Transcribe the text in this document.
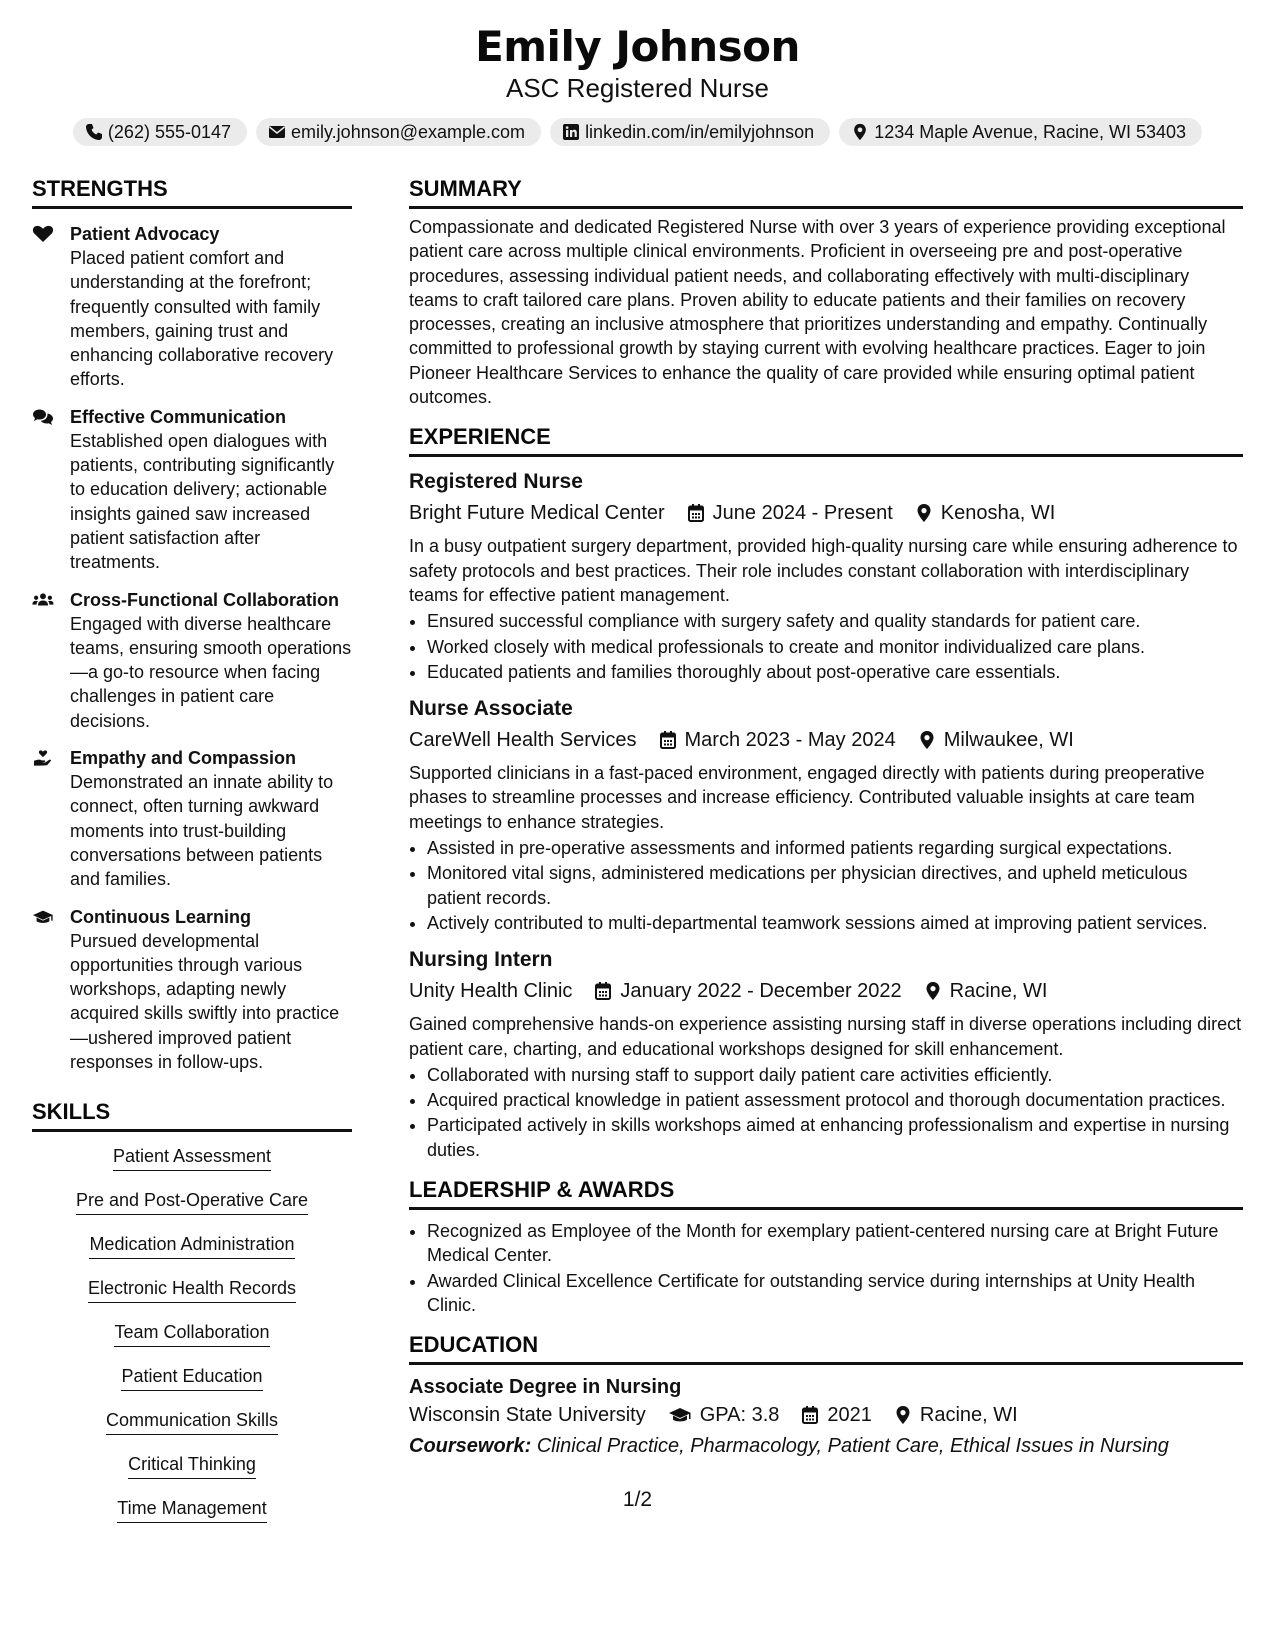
Emily Johnson
ASC Registered Nurse
(262) 555-0147	emily.johnson@example.com	linkedin.com/in/emilyjohnson	1234 Maple Avenue, Racine, WI 53403
STRENGTHS
Patient Advocacy
Placed patient comfort and understanding at the forefront; frequently consulted with family members, gaining trust and enhancing collaborative recovery efforts.
Effective Communication
Established open dialogues with patients, contributing significantly to education delivery; actionable insights gained saw increased patient satisfaction after treatments.
Cross-Functional Collaboration
Engaged with diverse healthcare teams, ensuring smooth operations—a go-to resource when facing challenges in patient care decisions.
Empathy and Compassion
Demonstrated an innate ability to connect, often turning awkward moments into trust-building conversations between patients and families.
Continuous Learning
Pursued developmental opportunities through various workshops, adapting newly acquired skills swiftly into practice—ushered improved patient responses in follow-ups.
SKILLS
Patient Assessment
Pre and Post-Operative Care
Medication Administration
Electronic Health Records
Team Collaboration
Patient Education
Communication Skills
Critical Thinking
Time Management
SUMMARY
Compassionate and dedicated Registered Nurse with over 3 years of experience providing exceptional patient care across multiple clinical environments. Proficient in overseeing pre and post-operative procedures, assessing individual patient needs, and collaborating effectively with multi-disciplinary teams to craft tailored care plans. Proven ability to educate patients and their families on recovery processes, creating an inclusive atmosphere that prioritizes understanding and empathy. Continually committed to professional growth by staying current with evolving healthcare practices. Eager to join Pioneer Healthcare Services to enhance the quality of care provided while ensuring optimal patient outcomes.
EXPERIENCE
Registered Nurse
Bright Future Medical Center June 2024 - Present Kenosha, WI
In a busy outpatient surgery department, provided high-quality nursing care while ensuring adherence to safety protocols and best practices. Their role includes constant collaboration with interdisciplinary teams for effective patient management.
• Ensured successful compliance with surgery safety and quality standards for patient care.
• Worked closely with medical professionals to create and monitor individualized care plans.
• Educated patients and families thoroughly about post-operative care essentials.
Nurse Associate
CareWell Health Services March 2023 - May 2024 Milwaukee, WI
Supported clinicians in a fast-paced environment, engaged directly with patients during preoperative phases to streamline processes and increase efficiency. Contributed valuable insights at care team meetings to enhance strategies.
• Assisted in pre-operative assessments and informed patients regarding surgical expectations.
• Monitored vital signs, administered medications per physician directives, and upheld meticulous patient records.
• Actively contributed to multi-departmental teamwork sessions aimed at improving patient services.
Nursing Intern
Unity Health Clinic January 2022 - December 2022 Racine, WI
Gained comprehensive hands-on experience assisting nursing staff in diverse operations including direct patient care, charting, and educational workshops designed for skill enhancement.
• Collaborated with nursing staff to support daily patient care activities efficiently.
• Acquired practical knowledge in patient assessment protocol and thorough documentation practices.
• Participated actively in skills workshops aimed at enhancing professionalism and expertise in nursing duties.
LEADERSHIP & AWARDS
• Recognized as Employee of the Month for exemplary patient-centered nursing care at Bright Future Medical Center.
• Awarded Clinical Excellence Certificate for outstanding service during internships at Unity Health Clinic.
EDUCATION
Associate Degree in Nursing
Wisconsin State University	GPA: 3.8 2021 Racine, WI
Coursework: Clinical Practice, Pharmacology, Patient Care, Ethical Issues in Nursing
1/2
